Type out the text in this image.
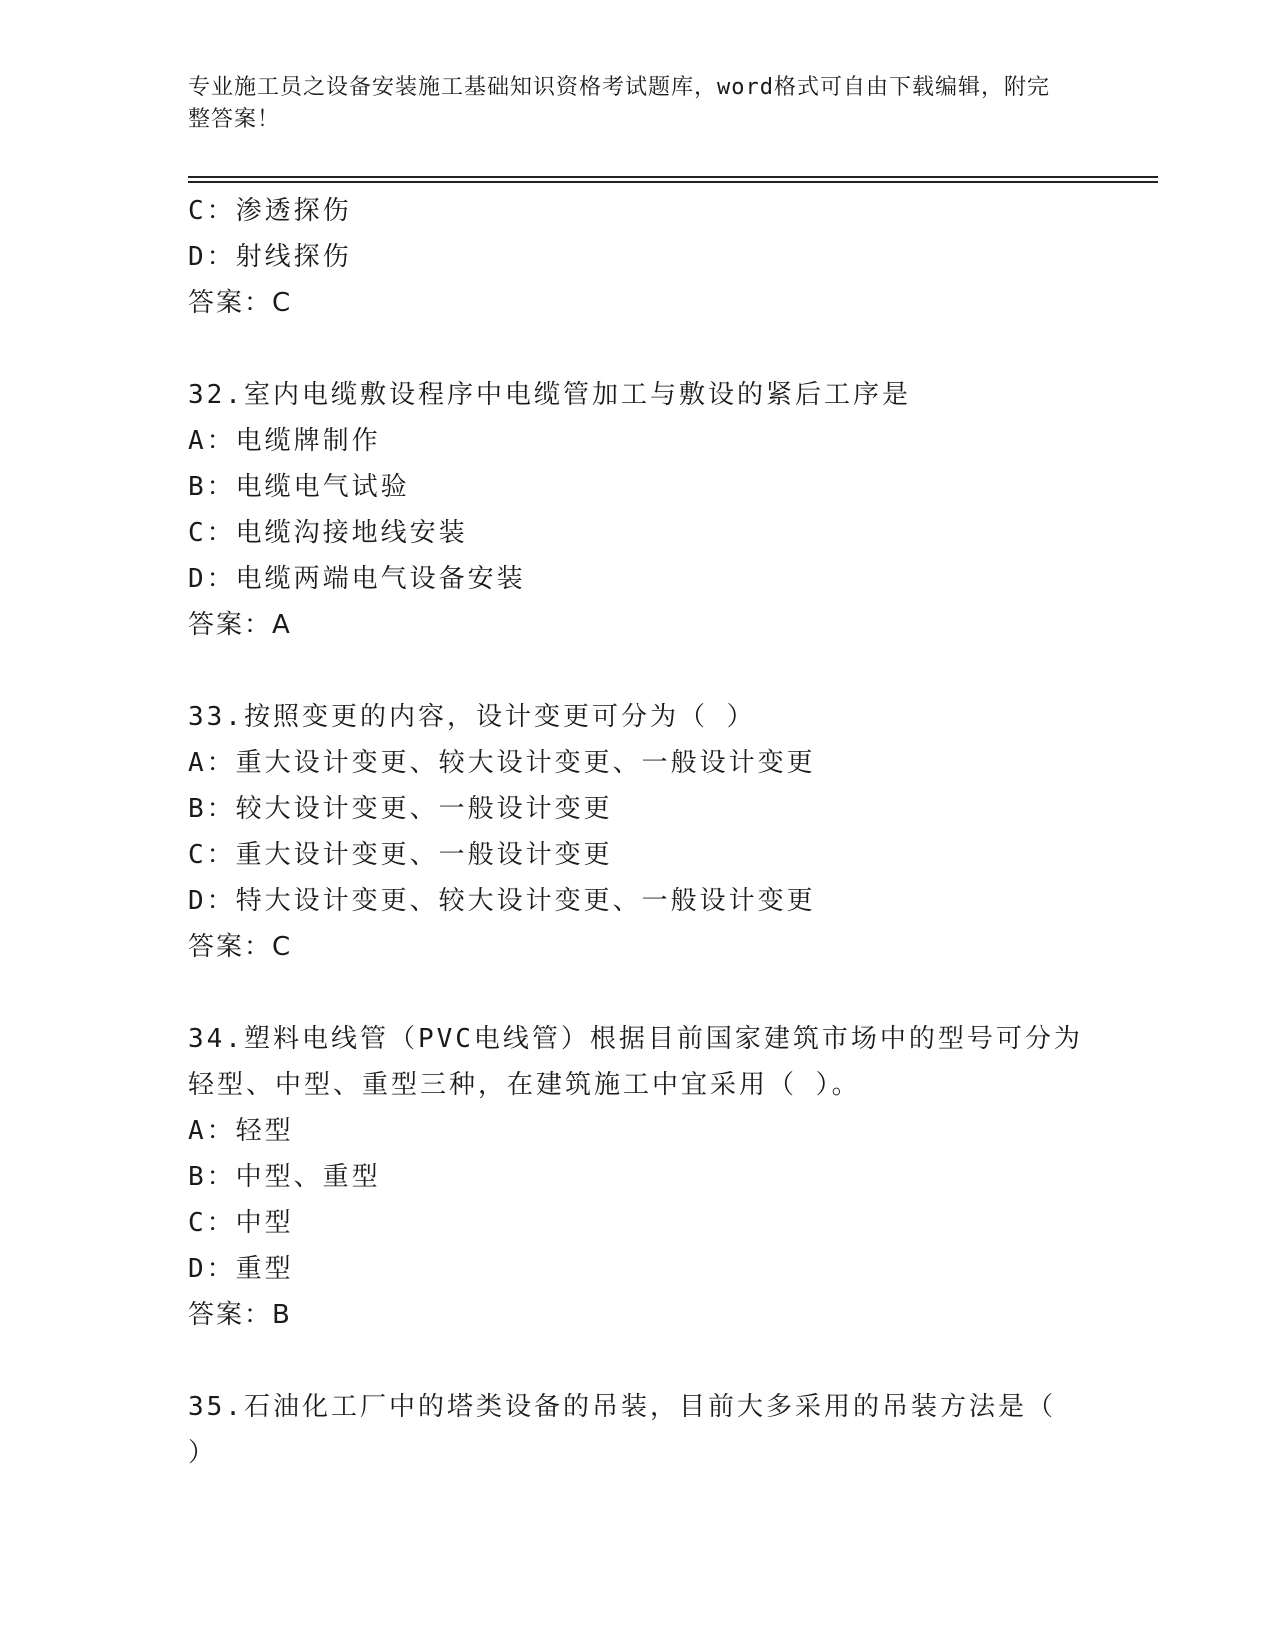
专业施工员之设备安装施工基础知识资格考试题库，word格式可自由下载编辑，附完整答案！
C：渗透探伤
D：射线探伤
答案：C
32.室内电缆敷设程序中电缆管加工与敷设的紧后工序是
A：电缆牌制作
B：电缆电气试验
C：电缆沟接地线安装
D：电缆两端电气设备安装
答案：A
33.按照变更的内容，设计变更可分为（ ）
A：重大设计变更、较大设计变更、一般设计变更
B：较大设计变更、一般设计变更
C：重大设计变更、一般设计变更
D：特大设计变更、较大设计变更、一般设计变更
答案：C
34.塑料电线管（PVC电线管）根据目前国家建筑市场中的型号可分为轻型、中型、重型三种，在建筑施工中宜采用（ ）。
A：轻型
B：中型、重型
C：中型
D：重型
答案：B
35.石油化工厂中的塔类设备的吊装，目前大多采用的吊装方法是（ ）
